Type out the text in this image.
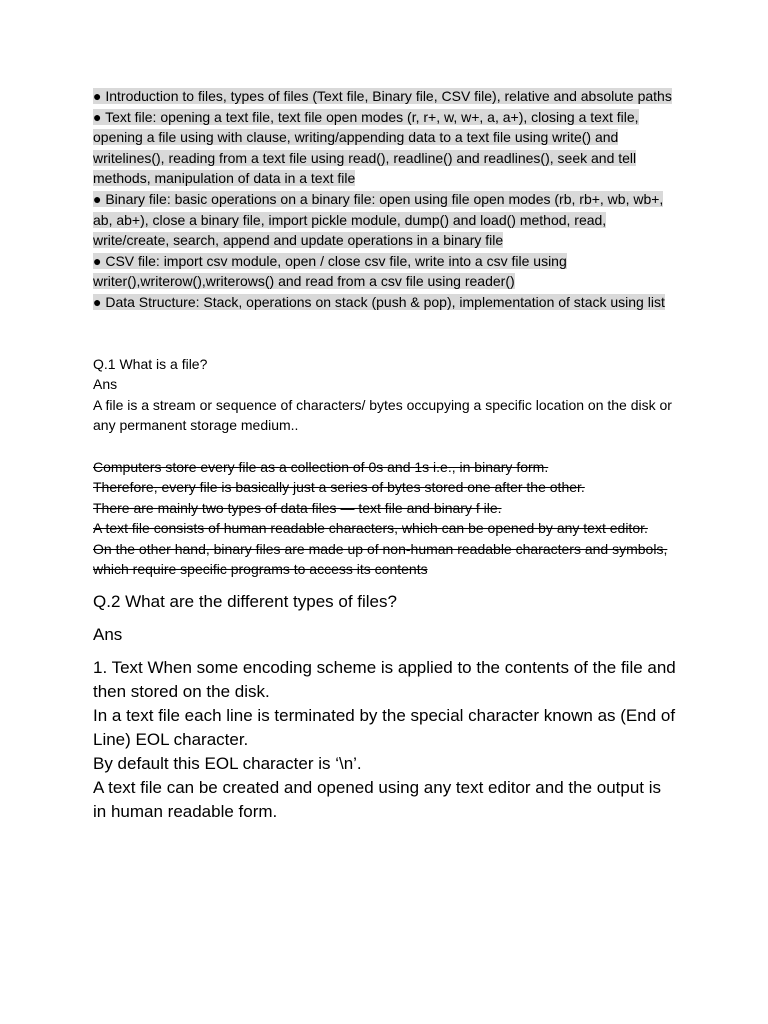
● Introduction to files, types of files (Text file, Binary file, CSV file), relative and absolute paths

● Text file: opening a text file, text file open modes (r, r+, w, w+, a, a+), closing a text file, opening a file using with clause, writing/appending data to a text file using write() and writelines(), reading from a text file using read(), readline() and readlines(), seek and tell methods, manipulation of data in a text file

● Binary file: basic operations on a binary file: open using file open modes (rb, rb+, wb, wb+, ab, ab+), close a binary file, import pickle module, dump() and load() method, read, write/create, search, append and update operations in a binary file

● CSV file: import csv module, open / close csv file, write into a csv file using writer(),writerow(),writerows() and read from a csv file using reader()

● Data Structure: Stack, operations on stack (push & pop), implementation of stack using list

Q.1 What is a file?

Ans

A file is a stream or sequence of characters/ bytes occupying a specific location on the disk or any permanent storage medium..

Computers store every file as a collection of 0s and 1s i.e., in binary form.

Therefore, every file is basically just a series of bytes stored one after the other.

There are mainly two types of data files — text file and binary f ile.

A text file consists of human readable characters, which can be opened by any text editor.

On the other hand, binary files are made up of non-human readable characters and symbols, which require specific programs to access its contents

Q.2 What are the different types of files?

Ans

1. Text When some encoding scheme is applied to the contents of the file and then stored on the disk.

In a text file each line is terminated by the special character known as (End of Line) EOL character.

By default this EOL character is ‘\n’.

A text file can be created and opened using any text editor and the output is in human readable form.
